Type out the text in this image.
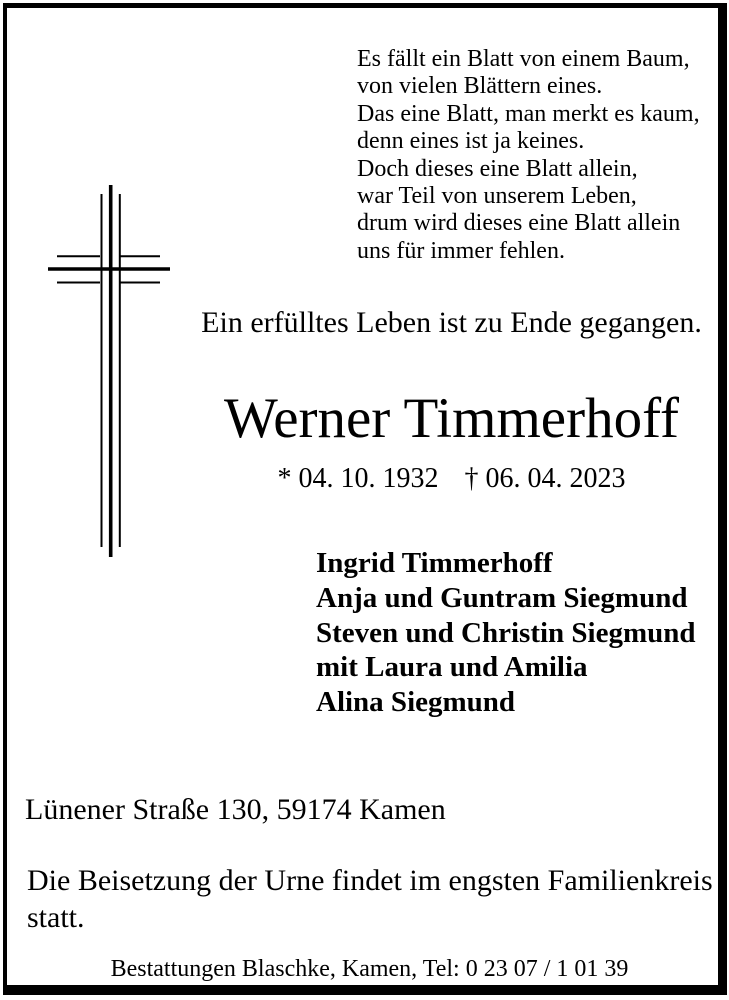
Es fällt ein Blatt von einem Baum,
von vielen Blättern eines.
Das eine Blatt, man merkt es kaum,
denn eines ist ja keines.
Doch dieses eine Blatt allein,
war Teil von unserem Leben,
drum wird dieses eine Blatt allein
uns für immer fehlen.
Ein erfülltes Leben ist zu Ende gegangen.
Werner Timmerhoff
* 04. 10. 1932 † 06. 04. 2023
Ingrid Timmerhoff
Anja und Guntram Siegmund
Steven und Christin Siegmund
mit Laura und Amilia
Alina Siegmund
Lünener Straße 130, 59174 Kamen
Die Beisetzung der Urne findet im engsten Familienkreis
statt.
Bestattungen Blaschke, Kamen, Tel: 0 23 07 / 1 01 39
